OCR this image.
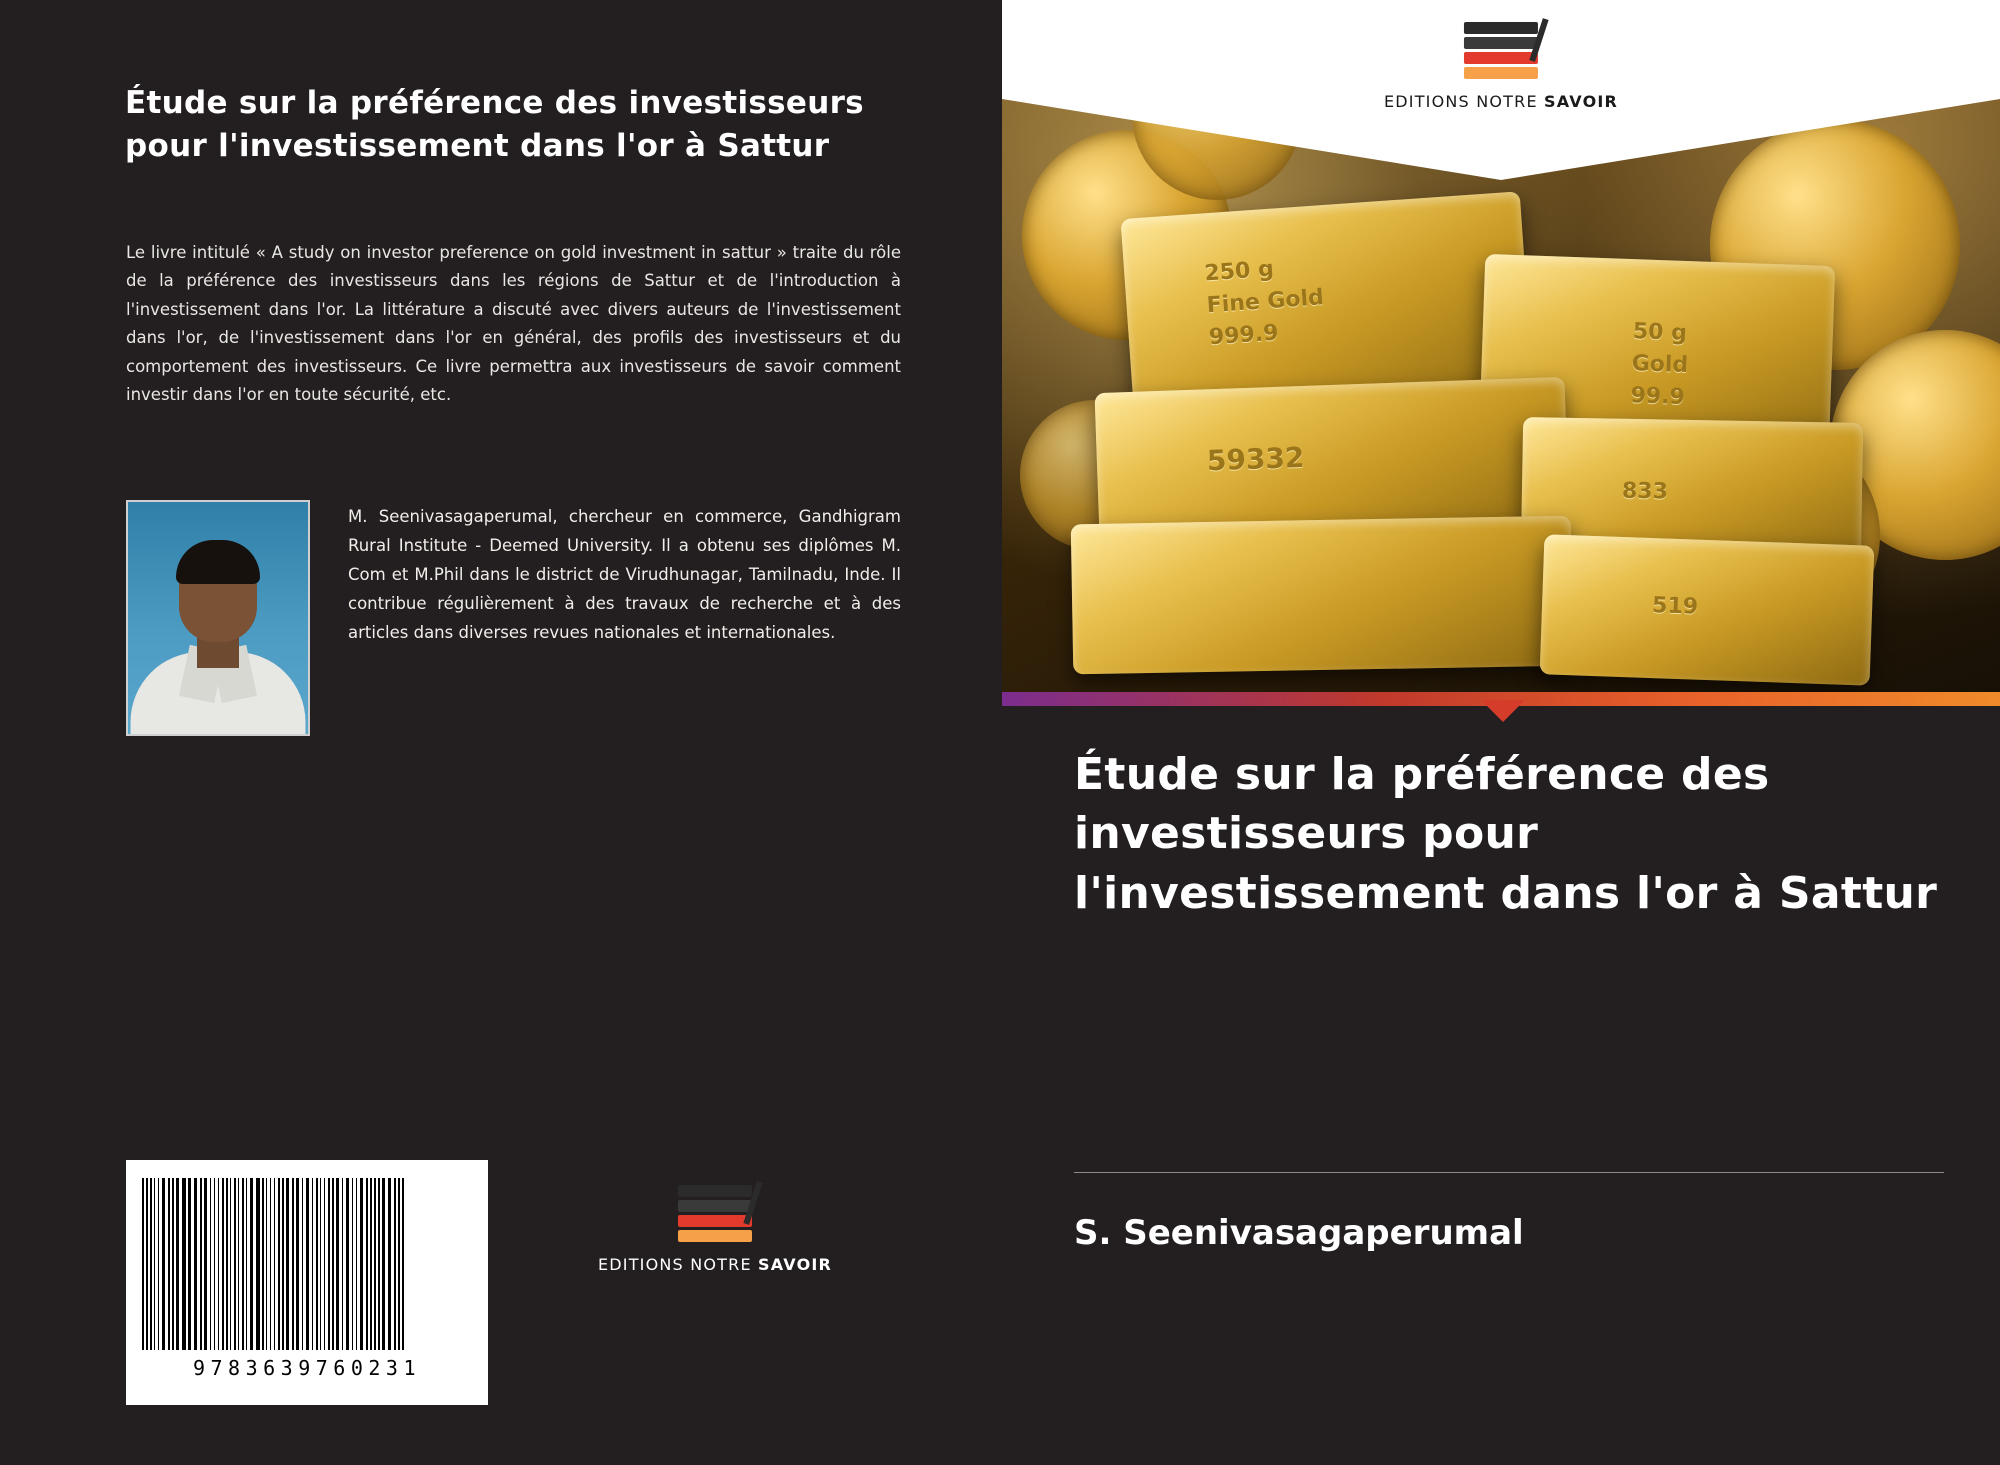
Étude sur la préférence des investisseurs pour l'investissement dans l'or à Sattur
Le livre intitulé « A study on investor preference on gold investment in sattur » traite du rôle de la préférence des investisseurs dans les régions de Sattur et de l'introduction à l'investissement dans l'or. La littérature a discuté avec divers auteurs de l'investissement dans l'or, de l'investissement dans l'or en général, des profils des investisseurs et du comportement des investisseurs. Ce livre permettra aux investisseurs de savoir comment investir dans l'or en toute sécurité, etc.
M. Seenivasagaperumal, chercheur en commerce, Gandhigram Rural Institute - Deemed University. Il a obtenu ses diplômes M. Com et M.Phil dans le district de Virudhunagar, Tamilnadu, Inde. Il contribue régulièrement à des travaux de recherche et à des articles dans diverses revues nationales et internationales.
9783639760231
EDITIONS NOTRE SAVOIR
250 g
Fine Gold
999.9	50 g
Gold
99.9
59332
833
519
EDITIONS NOTRE SAVOIR
Étude sur la préférence des investisseurs pour l'investissement dans l'or à Sattur
S. Seenivasagaperumal
